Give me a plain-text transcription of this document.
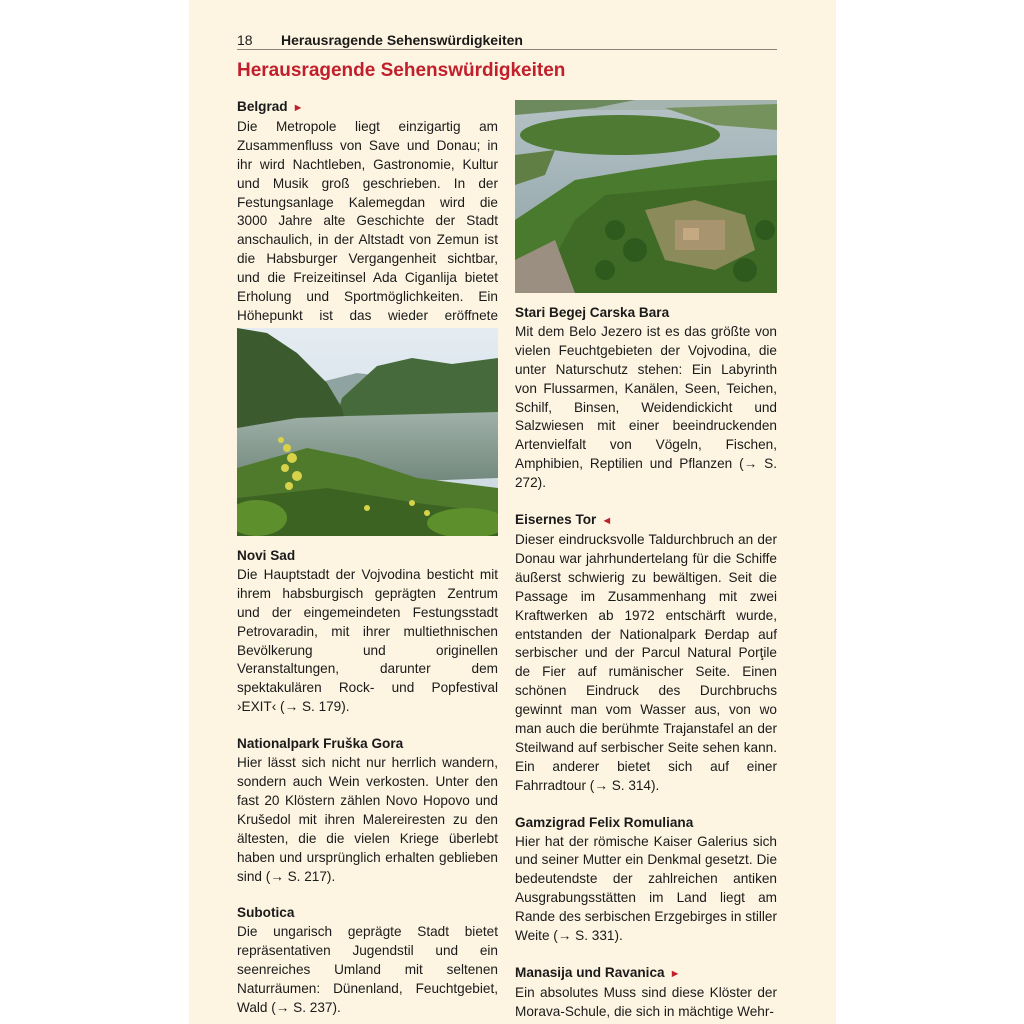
18 Herausragende Sehenswürdigkeiten
Herausragende Sehenswürdigkeiten
Belgrad ►

Die Metropole liegt einzigartig am Zusammenfluss von Save und Donau; in ihr wird Nachtleben, Gastronomie, Kultur und Musik groß geschrieben. In der Festungsanlage Kalemegdan wird die 3000 Jahre alte Geschichte der Stadt anschaulich, in der Altstadt von Zemun ist die Habsburger Vergangenheit sichtbar, und die Freizeitinsel Ada Ciganlija bietet Erholung und Sportmöglichkeiten. Ein Höhepunkt ist das wieder eröffnete

Novi Sad

Die Hauptstadt der Vojvodina besticht mit ihrem habsburgisch geprägten Zentrum und der eingemeindeten Festungsstadt Petrovaradin, mit ihrer multiethnischen Bevölkerung und originellen Veranstaltungen, darunter dem spektakulären Rock- und Popfestival ›EXIT‹ (→ S. 179).

Nationalpark Fruška Gora

Hier lässt sich nicht nur herrlich wandern, sondern auch Wein verkosten. Unter den fast 20 Klöstern zählen Novo Hopovo und Krušedol mit ihren Malereiresten zu den ältesten, die die vielen Kriege überlebt haben und ursprünglich erhalten geblieben sind (→ S. 217).

Subotica

Die ungarisch geprägte Stadt bietet repräsentativen Jugendstil und ein seenreiches Umland mit seltenen Naturräumen: Dünenland, Feuchtgebiet, Wald (→ S. 237).

Stari Begej Carska Bara

Mit dem Belo Jezero ist es das größte von vielen Feuchtgebieten der Vojvodina, die unter Naturschutz stehen: Ein Labyrinth von Flussarmen, Kanälen, Seen, Teichen, Schilf, Binsen, Weidendickicht und Salzwiesen mit einer beeindruckenden Artenvielfalt von Vögeln, Fischen, Amphibien, Reptilien und Pflanzen (→ S. 272).

Eisernes Tor ◄

Dieser eindrucksvolle Taldurchbruch an der Donau war jahrhundertelang für die Schiffe äußerst schwierig zu bewältigen. Seit die Passage im Zusammenhang mit zwei Kraftwerken ab 1972 entschärft wurde, entstanden der Nationalpark Đerdap auf serbischer und der Parcul Natural Porţile de Fier auf rumänischer Seite. Einen schönen Eindruck des Durchbruchs gewinnt man vom Wasser aus, von wo man auch die berühmte Trajanstafel an der Steilwand auf serbischer Seite sehen kann. Ein anderer bietet sich auf einer Fahrradtour (→ S. 314).

Gamzigrad Felix Romuliana

Hier hat der römische Kaiser Galerius sich und seiner Mutter ein Denkmal gesetzt. Die bedeutendste der zahlreichen antiken Ausgrabungsstätten im Land liegt am Rande des serbischen Erzgebirges in stiller Weite (→ S. 331).

Manasija und Ravanica ►

Ein absolutes Muss sind diese Klöster der Morava-Schule, die sich in mächtige Wehr-
